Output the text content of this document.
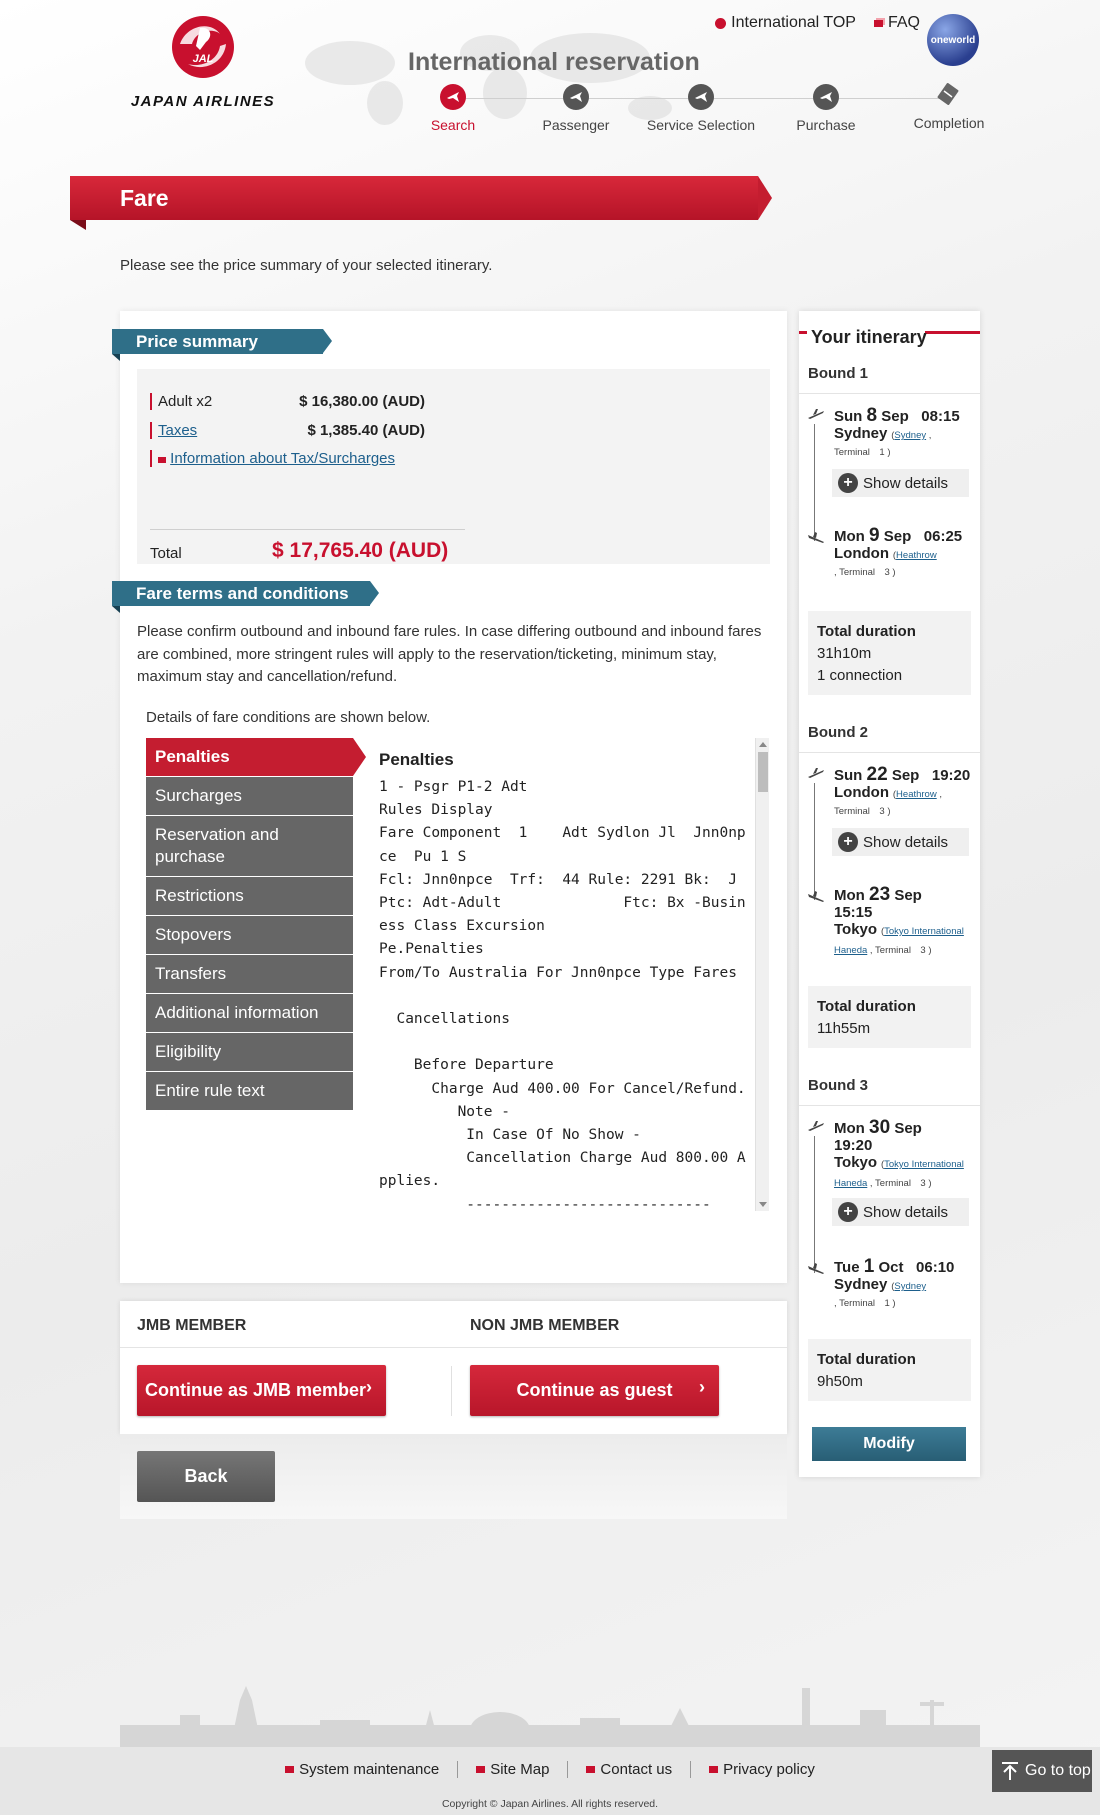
JAL
JAPAN AIRLINES
International TOP FAQ
oneworld
International reservation
Search	Passenger	Service Selection	Purchase	Completion
Fare
Please see the price summary of your selected itinerary.
Price summary
Adult x2	$ 16,380.00 (AUD)
Taxes	$ 1,385.40 (AUD)
Information about Tax/Surcharges
Total	$ 17,765.40 (AUD)
Fare terms and conditions
Please confirm outbound and inbound fare rules. In case differing outbound and inbound fares are combined, more stringent rules will apply to the reservation/ticketing, minimum stay, maximum stay and cancellation/refund.
Details of fare conditions are shown below.
Penalties
Surcharges
Reservation and purchase
Restrictions
Stopovers
Transfers
Additional information
Eligibility
Entire rule text
Penalties
1 - Psgr P1-2 Adt
Rules Display
Fare Component  1    Adt Sydlon Jl  Jnn0np
ce  Pu 1 S
Fcl: Jnn0npce  Trf:  44 Rule: 2291 Bk:  J
Ptc: Adt-Adult              Ftc: Bx -Busin
ess Class Excursion
Pe.Penalties
From/To Australia For Jnn0npce Type Fares

Cancellations

Before Departure
Charge Aud 400.00 For Cancel/Refund.
Note -
In Case Of No Show -
Cancellation Charge Aud 800.00 A
pplies.
----------------------------
JMB MEMBER	NON JMB MEMBER
Continue as JMB member ›	Continue as guest ›
Back
Your itinerary
Bound 1
Sun 8 Sep 08:15
Sydney (Sydney ,
Terminal　1 )
+ Show details
Mon 9 Sep 06:25
London (Heathrow
, Terminal　3 )
Total duration
31h10m
1 connection
Bound 2
Sun 22 Sep 19:20
London (Heathrow ,
Terminal　3 )
+ Show details
Mon 23 Sep
15:15
Tokyo (Tokyo International Haneda , Terminal　3 )
Total duration
11h55m
Bound 3
Mon 30 Sep
19:20
Tokyo (Tokyo International Haneda , Terminal　3 )
+ Show details
Tue 1 Oct 06:10
Sydney (Sydney
, Terminal　1 )
Total duration
9h50m
Modify
System maintenance	Site Map	Contact us	Privacy policy
Copyright © Japan Airlines. All rights reserved.
Go to top
